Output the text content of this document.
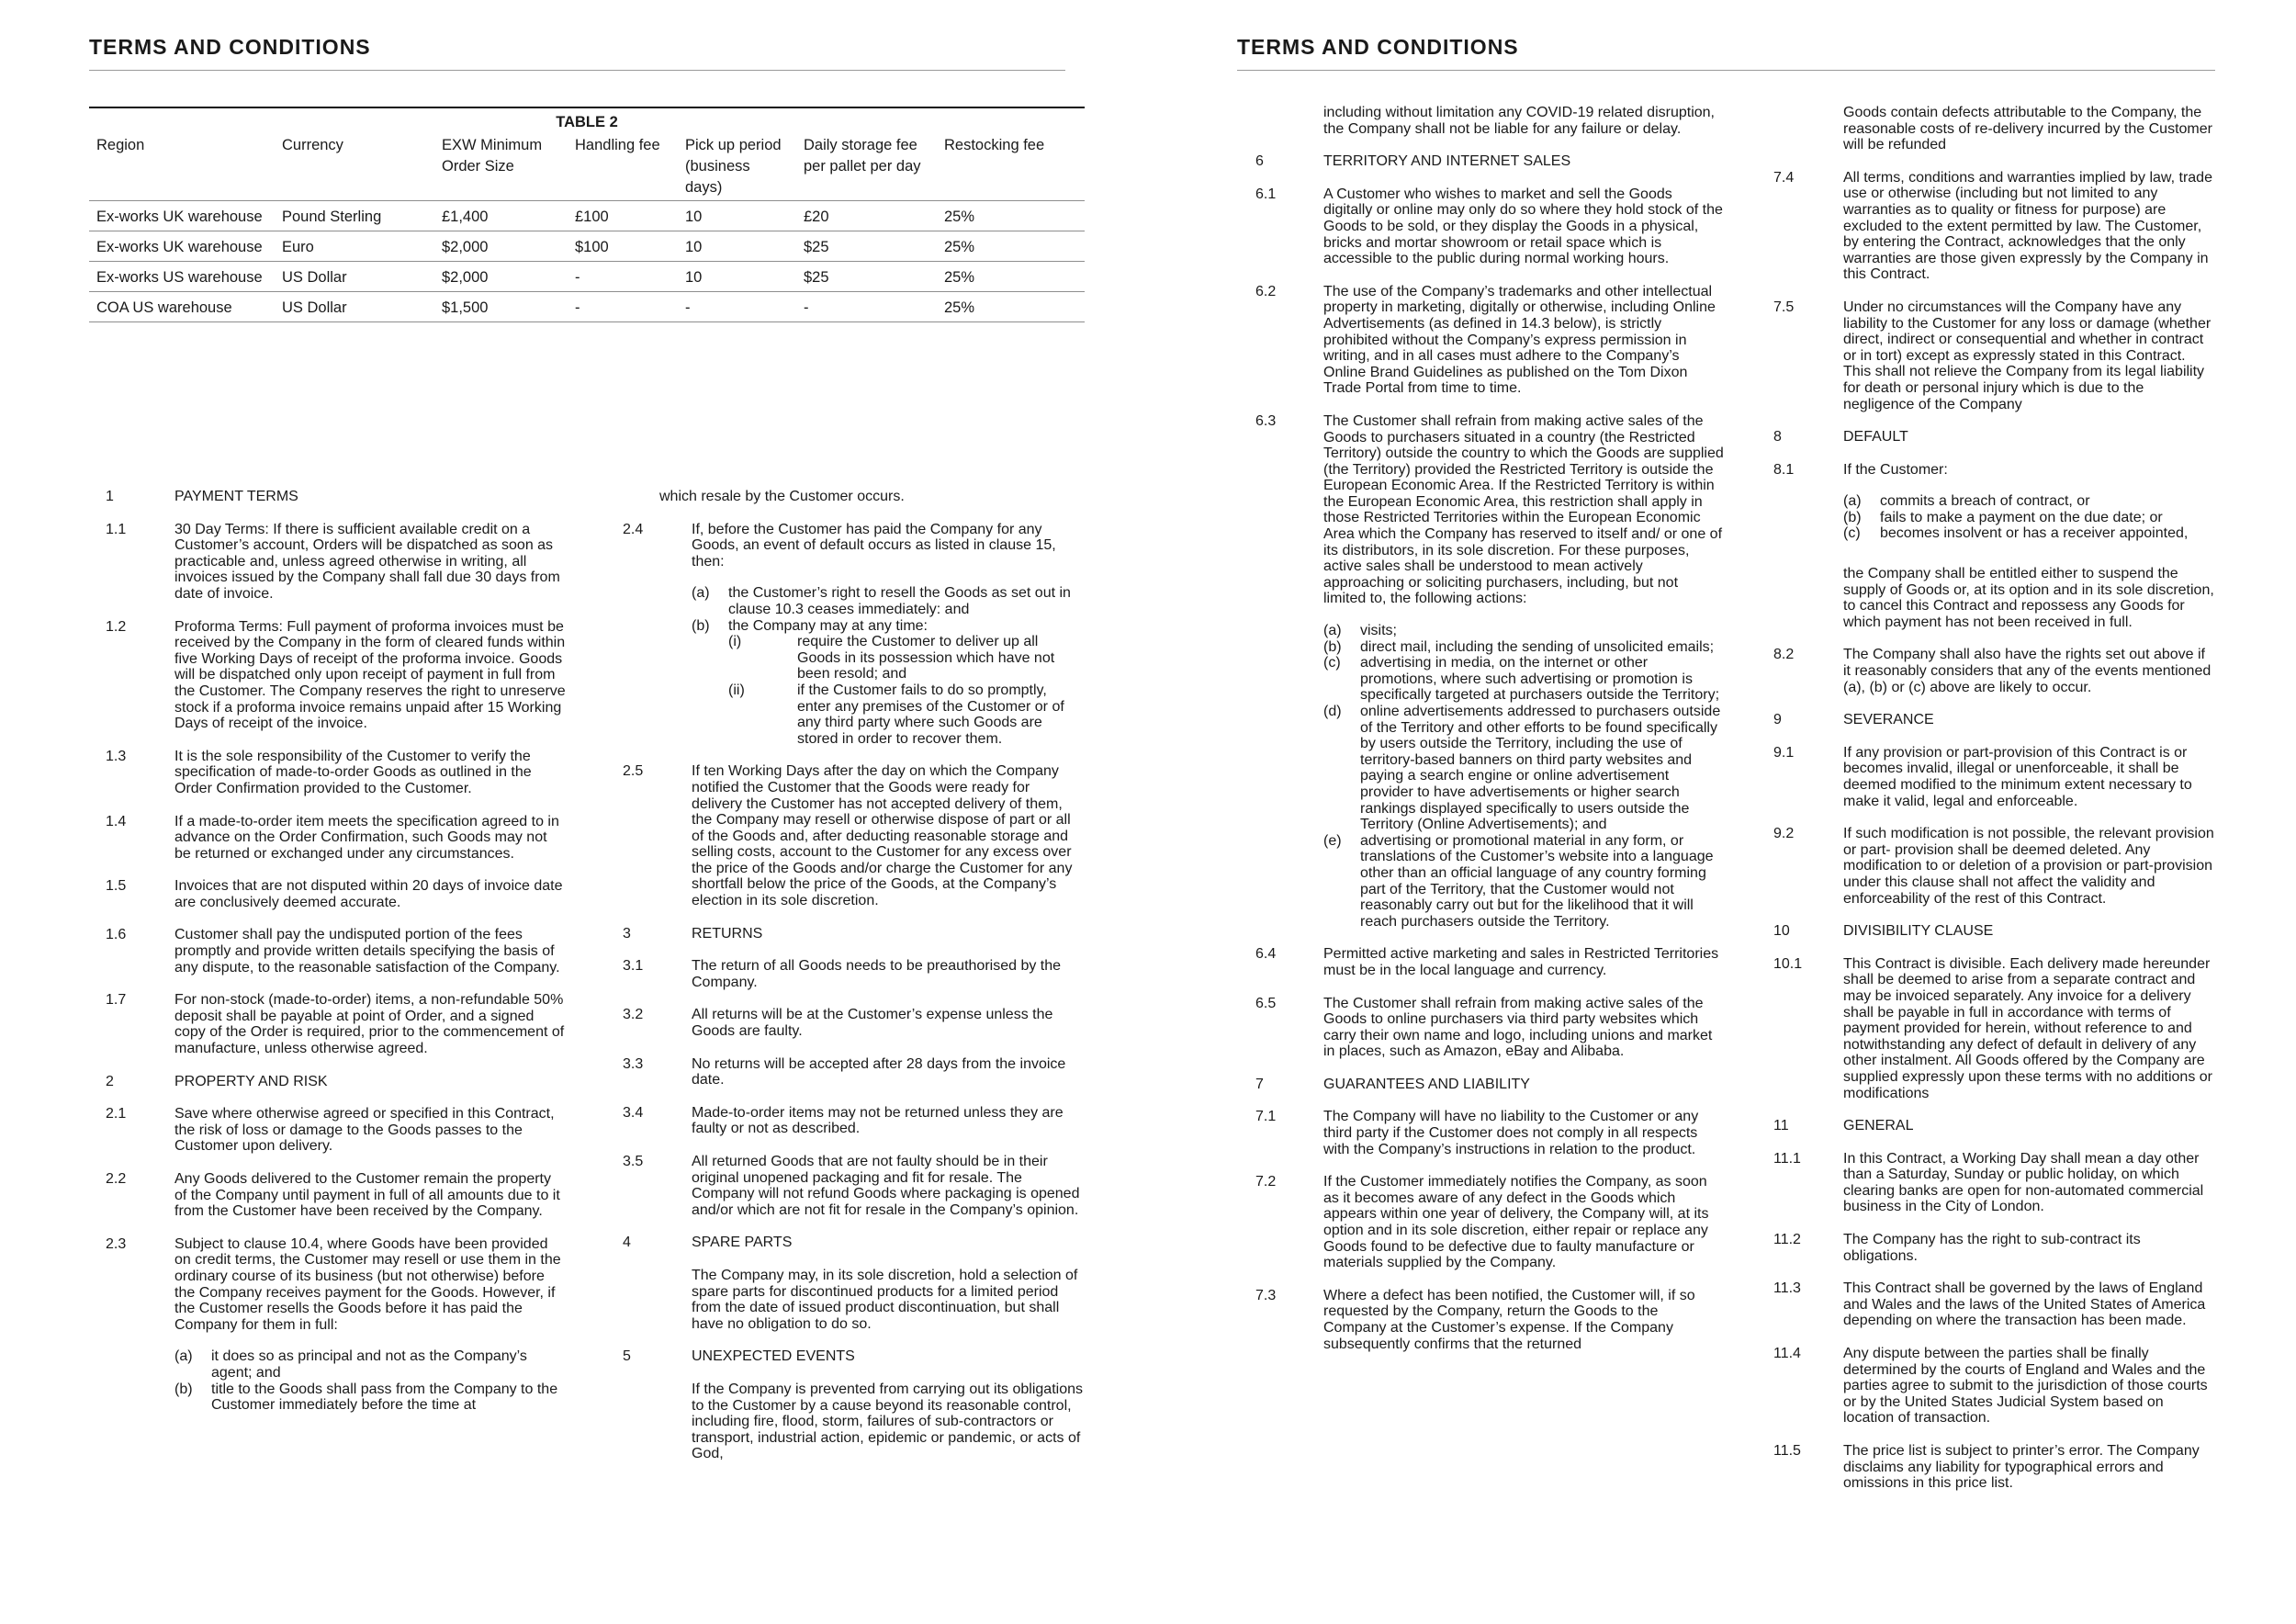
TERMS AND CONDITIONS
TABLE 2
Region	Currency	EXW Minimum Order Size	Handling fee	Pick up period (business days)	Daily storage fee per pallet per day	Restocking fee
Ex-works UK warehouse	Pound Sterling	£1,400	£100	10	£20	25%
Ex-works UK warehouse	Euro	$2,000	$100	10	$25	25%
Ex-works US warehouse	US Dollar	$2,000	-	10	$25	25%
COA US warehouse	US Dollar	$1,500	-	-	-	25%
1	PAYMENT TERMS
1.1	30 Day Terms: If there is sufficient available credit on a Customer’s account, Orders will be dispatched as soon as practicable and, unless agreed otherwise in writing, all invoices issued by the Company shall fall due 30 days from date of invoice.
1.2	Proforma Terms: Full payment of proforma invoices must be received by the Company in the form of cleared funds within five Working Days of receipt of the proforma invoice. Goods will be dispatched only upon receipt of payment in full from the Customer. The Company reserves the right to unreserve stock if a proforma invoice remains unpaid after 15 Working Days of receipt of the invoice.
1.3	It is the sole responsibility of the Customer to verify the specification of made-to-order Goods as outlined in the Order Confirmation provided to the Customer.
1.4	If a made-to-order item meets the specification agreed to in advance on the Order Confirmation, such Goods may not be returned or exchanged under any circumstances.
1.5	Invoices that are not disputed within 20 days of invoice date are conclusively deemed accurate.
1.6	Customer shall pay the undisputed portion of the fees promptly and provide written details specifying the basis of any dispute, to the reasonable satisfaction of the Company.
1.7	For non-stock (made-to-order) items, a non-refundable 50% deposit shall be payable at point of Order, and a signed copy of the Order is required, prior to the commencement of manufacture, unless otherwise agreed.
2	PROPERTY AND RISK
2.1	Save where otherwise agreed or specified in this Contract, the risk of loss or damage to the Goods passes to the Customer upon delivery.
2.2	Any Goods delivered to the Customer remain the property of the Company until payment in full of all amounts due to it from the Customer have been received by the Company.
2.3	Subject to clause 10.4, where Goods have been provided on credit terms, the Customer may resell or use them in the ordinary course of its business (but not otherwise) before the Company receives payment for the Goods. However, if the Customer resells the Goods before it has paid the Company for them in full:
(a) it does so as principal and not as the Company’s agent; and
(b) title to the Goods shall pass from the Company to the Customer immediately before the time at
which resale by the Customer occurs.
2.4	If, before the Customer has paid the Company for any Goods, an event of default occurs as listed in clause 15, then:
(a) the Customer’s right to resell the Goods as set out in clause 10.3 ceases immediately: and
(b) the Company may at any time:
(i)	require the Customer to deliver up all Goods in its possession which have not been resold; and
(ii)	if the Customer fails to do so promptly, enter any premises of the Customer or of any third party where such Goods are stored in order to recover them.
2.5	If ten Working Days after the day on which the Company notified the Customer that the Goods were ready for delivery the Customer has not accepted delivery of them, the Company may resell or otherwise dispose of part or all of the Goods and, after deducting reasonable storage and selling costs, account to the Customer for any excess over the price of the Goods and/or charge the Customer for any shortfall below the price of the Goods, at the Company’s election in its sole discretion.
3	RETURNS
3.1	The return of all Goods needs to be preauthorised by the Company.
3.2	All returns will be at the Customer’s expense unless the Goods are faulty.
3.3	No returns will be accepted after 28 days from the invoice date.
3.4	Made-to-order items may not be returned unless they are faulty or not as described.
3.5	All returned Goods that are not faulty should be in their original unopened packaging and fit for resale. The Company will not refund Goods where packaging is opened and/or which are not fit for resale in the Company’s opinion.
4	SPARE PARTS
The Company may, in its sole discretion, hold a selection of spare parts for discontinued products for a limited period from the date of issued product discontinuation, but shall have no obligation to do so.
5	UNEXPECTED EVENTS
If the Company is prevented from carrying out its obligations to the Customer by a cause beyond its reasonable control, including fire, flood, storm, failures of sub-contractors or transport, industrial action, epidemic or pandemic, or acts of God,
TERMS AND CONDITIONS
including without limitation any COVID-19 related disruption, the Company shall not be liable for any failure or delay.
6	TERRITORY AND INTERNET SALES
6.1	A Customer who wishes to market and sell the Goods digitally or online may only do so where they hold stock of the Goods to be sold, or they display the Goods in a physical, bricks and mortar showroom or retail space which is accessible to the public during normal working hours.
6.2	The use of the Company’s trademarks and other intellectual property in marketing, digitally or otherwise, including Online Advertisements (as defined in 14.3 below), is strictly prohibited without the Company’s express permission in writing, and in all cases must adhere to the Company’s Online Brand Guidelines as published on the Tom Dixon Trade Portal from time to time.
6.3	The Customer shall refrain from making active sales of the Goods to purchasers situated in a country (the Restricted Territory) outside the country to which the Goods are supplied (the Territory) provided the Restricted Territory is outside the European Economic Area. If the Restricted Territory is within the European Economic Area, this restriction shall apply in those Restricted Territories within the European Economic Area which the Company has reserved to itself and/ or one of its distributors, in its sole discretion. For these purposes, active sales shall be understood to mean actively approaching or soliciting purchasers, including, but not limited to, the following actions:
(a) visits;
(b) direct mail, including the sending of unsolicited emails;
(c) advertising in media, on the internet or other promotions, where such advertising or promotion is specifically targeted at purchasers outside the Territory;
(d) online advertisements addressed to purchasers outside of the Territory and other efforts to be found specifically by users outside the Territory, including the use of territory-based banners on third party websites and paying a search engine or online advertisement provider to have advertisements or higher search rankings displayed specifically to users outside the Territory (Online Advertisements); and
(e) advertising or promotional material in any form, or translations of the Customer’s website into a language other than an official language of any country forming part of the Territory, that the Customer would not reasonably carry out but for the likelihood that it will reach purchasers outside the Territory.
6.4	Permitted active marketing and sales in Restricted Territories must be in the local language and currency.
6.5	The Customer shall refrain from making active sales of the Goods to online purchasers via third party websites which carry their own name and logo, including unions and market in places, such as Amazon, eBay and Alibaba.
7	GUARANTEES AND LIABILITY
7.1	The Company will have no liability to the Customer or any third party if the Customer does not comply in all respects with the Company’s instructions in relation to the product.
7.2	If the Customer immediately notifies the Company, as soon as it becomes aware of any defect in the Goods which appears within one year of delivery, the Company will, at its option and in its sole discretion, either repair or replace any Goods found to be defective due to faulty manufacture or materials supplied by the Company.
7.3	Where a defect has been notified, the Customer will, if so requested by the Company, return the Goods to the Company at the Customer’s expense. If the Company subsequently confirms that the returned
Goods contain defects attributable to the Company, the reasonable costs of re-delivery incurred by the Customer will be refunded
7.4	All terms, conditions and warranties implied by law, trade use or otherwise (including but not limited to any warranties as to quality or fitness for purpose) are excluded to the extent permitted by law. The Customer, by entering the Contract, acknowledges that the only warranties are those given expressly by the Company in this Contract.
7.5	Under no circumstances will the Company have any liability to the Customer for any loss or damage (whether direct, indirect or consequential and whether in contract or in tort) except as expressly stated in this Contract. This shall not relieve the Company from its legal liability for death or personal injury which is due to the negligence of the Company
8	DEFAULT
8.1	If the Customer:
(a) commits a breach of contract, or
(b) fails to make a payment on the due date; or
(c) becomes insolvent or has a receiver appointed,
the Company shall be entitled either to suspend the supply of Goods or, at its option and in its sole discretion, to cancel this Contract and repossess any Goods for which payment has not been received in full.
8.2	The Company shall also have the rights set out above if it reasonably considers that any of the events mentioned (a), (b) or (c) above are likely to occur.
9	SEVERANCE
9.1	If any provision or part-provision of this Contract is or becomes invalid, illegal or unenforceable, it shall be deemed modified to the minimum extent necessary to make it valid, legal and enforceable.
9.2	If such modification is not possible, the relevant provision or part- provision shall be deemed deleted. Any modification to or deletion of a provision or part-provision under this clause shall not affect the validity and enforceability of the rest of this Contract.
10	DIVISIBILITY CLAUSE
10.1	This Contract is divisible. Each delivery made hereunder shall be deemed to arise from a separate contract and may be invoiced separately. Any invoice for a delivery shall be payable in full in accordance with terms of payment provided for herein, without reference to and notwithstanding any defect of default in delivery of any other instalment. All Goods offered by the Company are supplied expressly upon these terms with no additions or modifications
11	GENERAL
11.1	In this Contract, a Working Day shall mean a day other than a Saturday, Sunday or public holiday, on which clearing banks are open for non-automated commercial business in the City of London.
11.2	The Company has the right to sub-contract its obligations.
11.3	This Contract shall be governed by the laws of England and Wales and the laws of the United States of America depending on where the transaction has been made.
11.4	Any dispute between the parties shall be finally determined by the courts of England and Wales and the parties agree to submit to the jurisdiction of those courts or by the United States Judicial System based on location of transaction.
11.5	The price list is subject to printer’s error. The Company disclaims any liability for typographical errors and omissions in this price list.
